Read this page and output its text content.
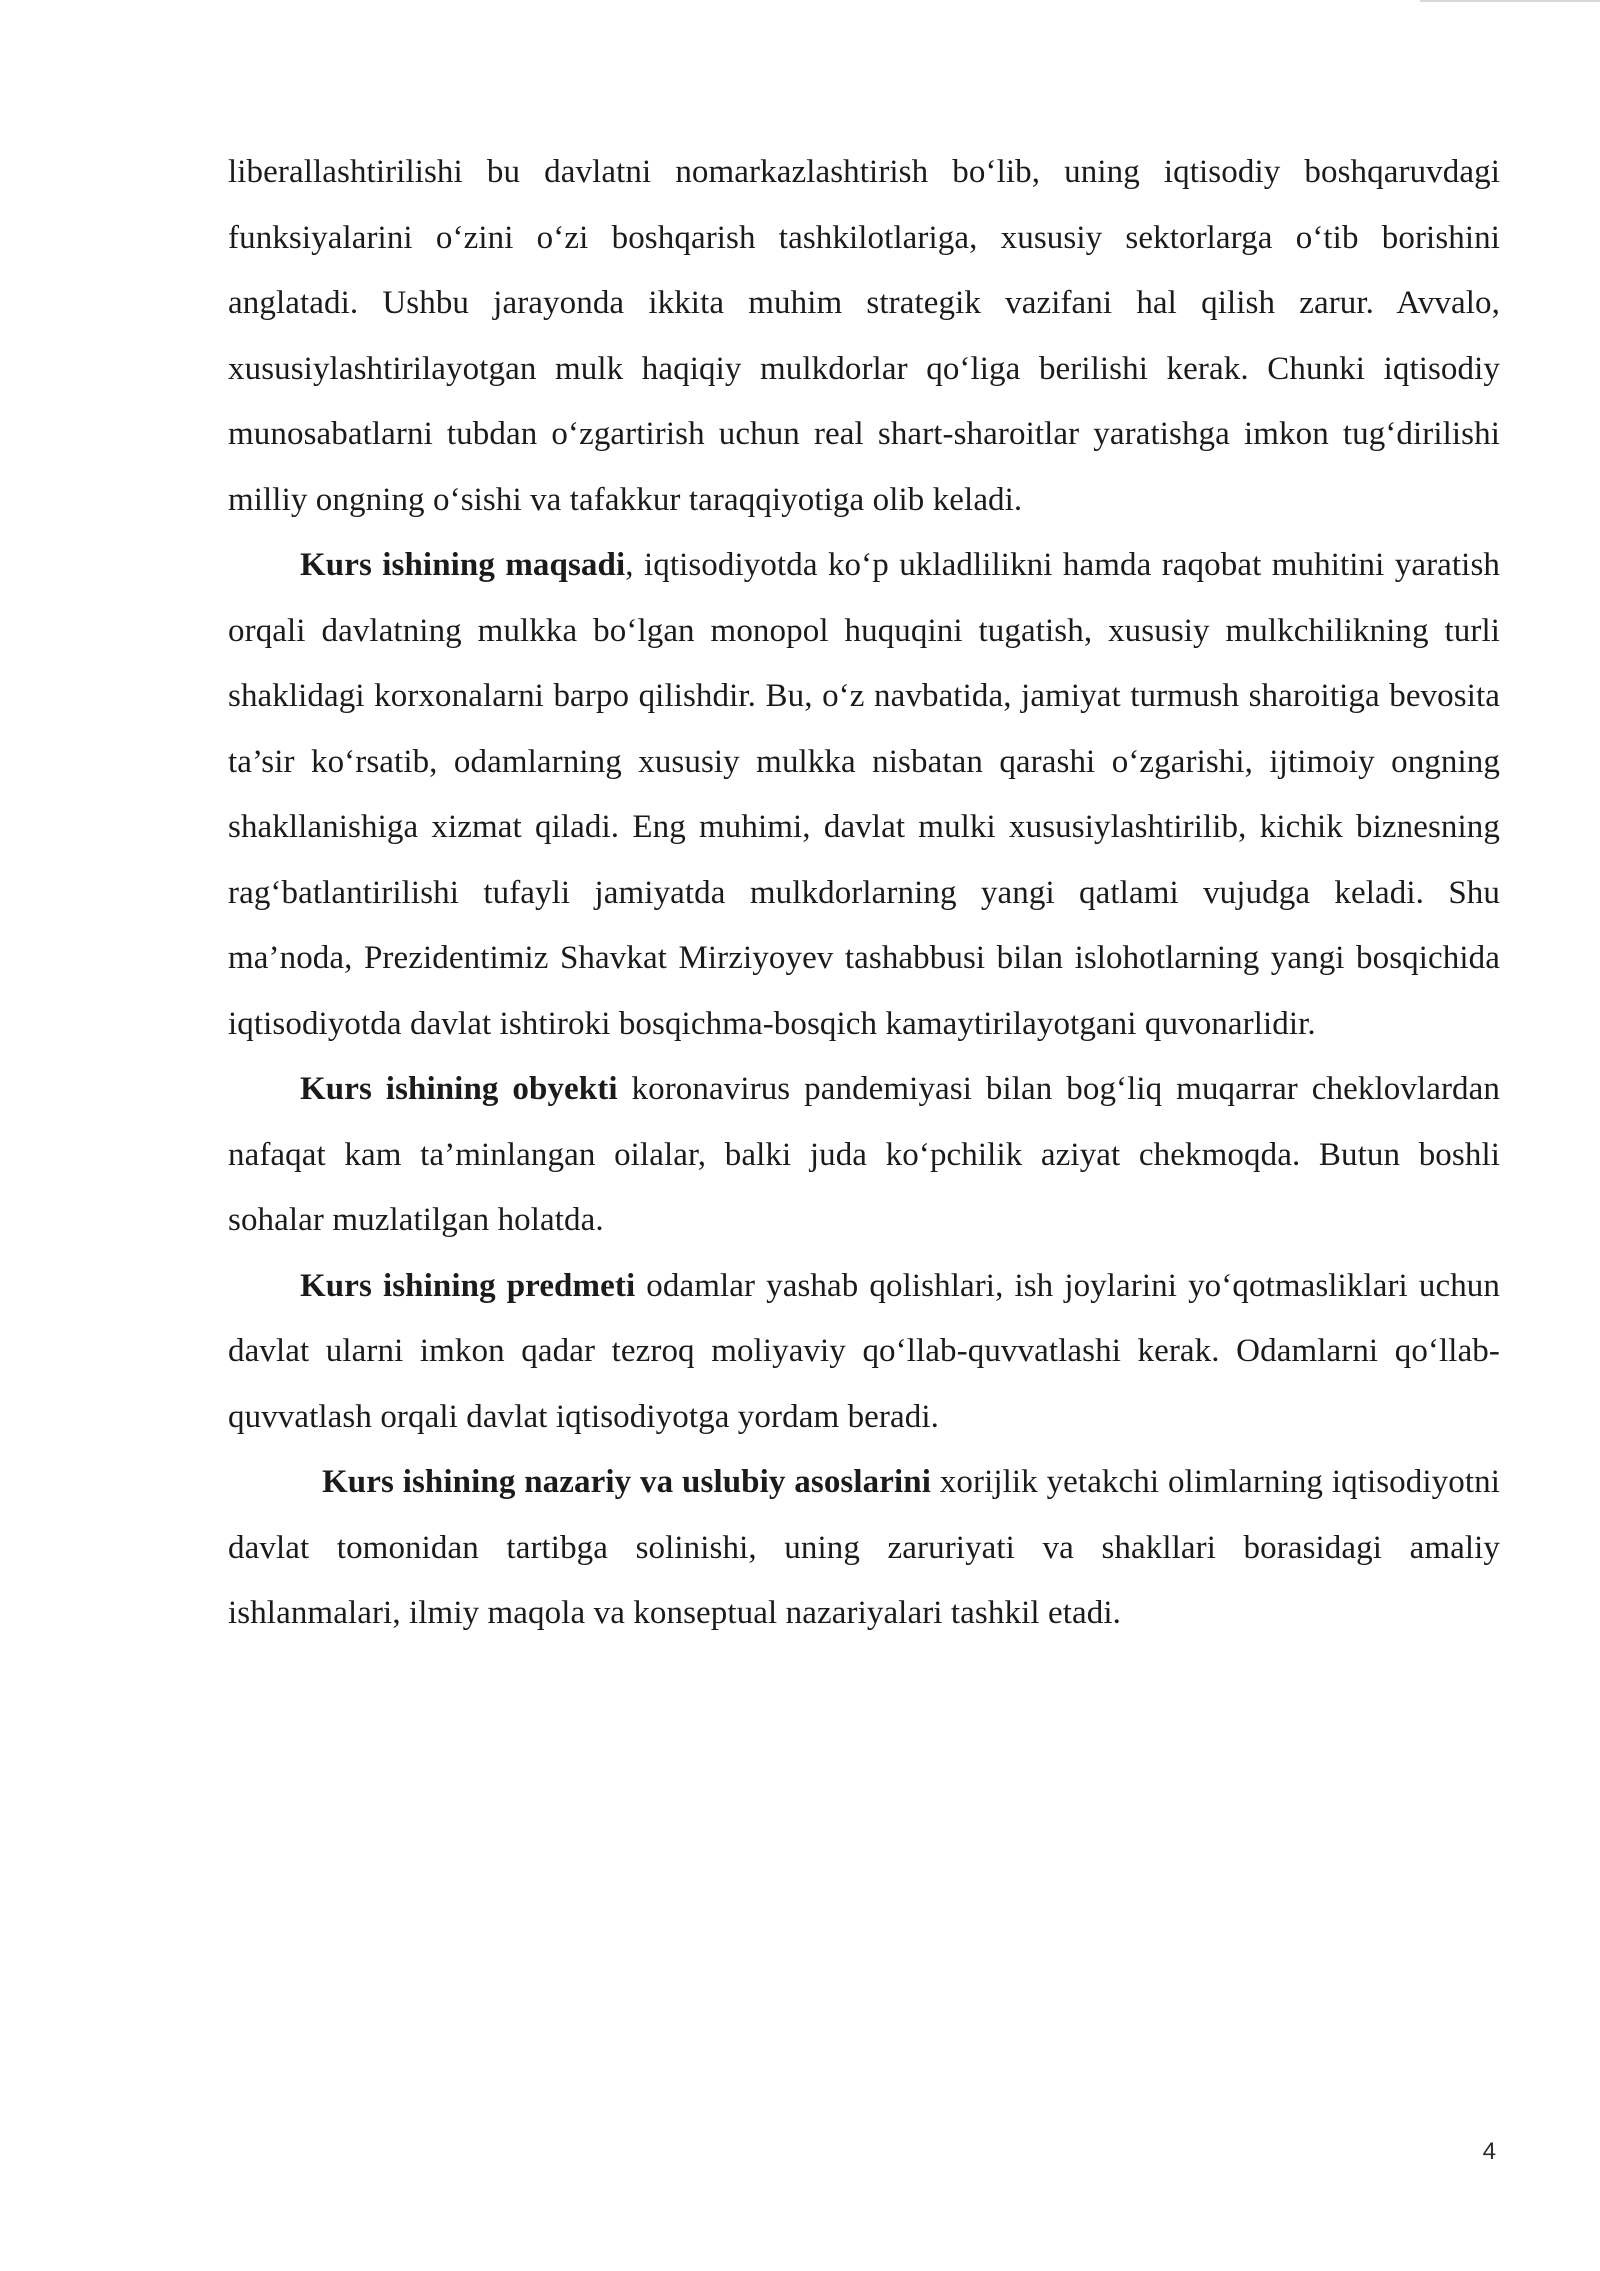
liberallashtirilishi bu davlatni nomarkazlashtirish bo‘lib, uning iqtisodiy boshqaruvdagi funksiyalarini o‘zini o‘zi boshqarish tashkilotlariga, xususiy sektorlarga o‘tib borishini anglatadi. Ushbu jarayonda ikkita muhim strategik vazifani hal qilish zarur. Avvalo, xususiylashtirilayotgan mulk haqiqiy mulkdorlar qo‘liga berilishi kerak. Chunki iqtisodiy munosabatlarni tubdan o‘zgartirish uchun real shart-sharoitlar yaratishga imkon tug‘dirilishi milliy ongning o‘sishi va tafakkur taraqqiyotiga olib keladi.

Kurs ishining maqsadi, iqtisodiyotda ko‘p ukladlilikni hamda raqobat muhitini yaratish orqali davlatning mulkka bo‘lgan monopol huquqini tugatish, xususiy mulkchilikning turli shaklidagi korxonalarni barpo qilishdir. Bu, o‘z navbatida, jamiyat turmush sharoitiga bevosita ta’sir ko‘rsatib, odamlarning xususiy mulkka nisbatan qarashi o‘zgarishi, ijtimoiy ongning shakllanishiga xizmat qiladi. Eng muhimi, davlat mulki xususiylashtirilib, kichik biznesning rag‘batlantirilishi tufayli jamiyatda mulkdorlarning yangi qatlami vujudga keladi. Shu ma’noda, Prezidentimiz Shavkat Mirziyoyev tashabbusi bilan islohotlarning yangi bosqichida iqtisodiyotda davlat ishtiroki bosqichma-bosqich kamaytirilayotgani quvonarlidir.

Kurs ishining obyekti koronavirus pandemiyasi bilan bog‘liq muqarrar cheklovlardan nafaqat kam ta’minlangan oilalar, balki juda ko‘pchilik aziyat chekmoqda. Butun boshli sohalar muzlatilgan holatda.

Kurs ishining predmeti odamlar yashab qolishlari, ish joylarini yo‘qotmasliklari uchun davlat ularni imkon qadar tezroq moliyaviy qo‘llab-quvvatlashi kerak. Odamlarni qo‘llab-quvvatlash orqali davlat iqtisodiyotga yordam beradi.

Kurs ishining nazariy va uslubiy asoslarini xorijlik yetakchi olimlarning iqtisodiyotni davlat tomonidan tartibga solinishi, uning zaruriyati va shakllari borasidagi amaliy ishlanmalari, ilmiy maqola va konseptual nazariyalari tashkil etadi.

4
